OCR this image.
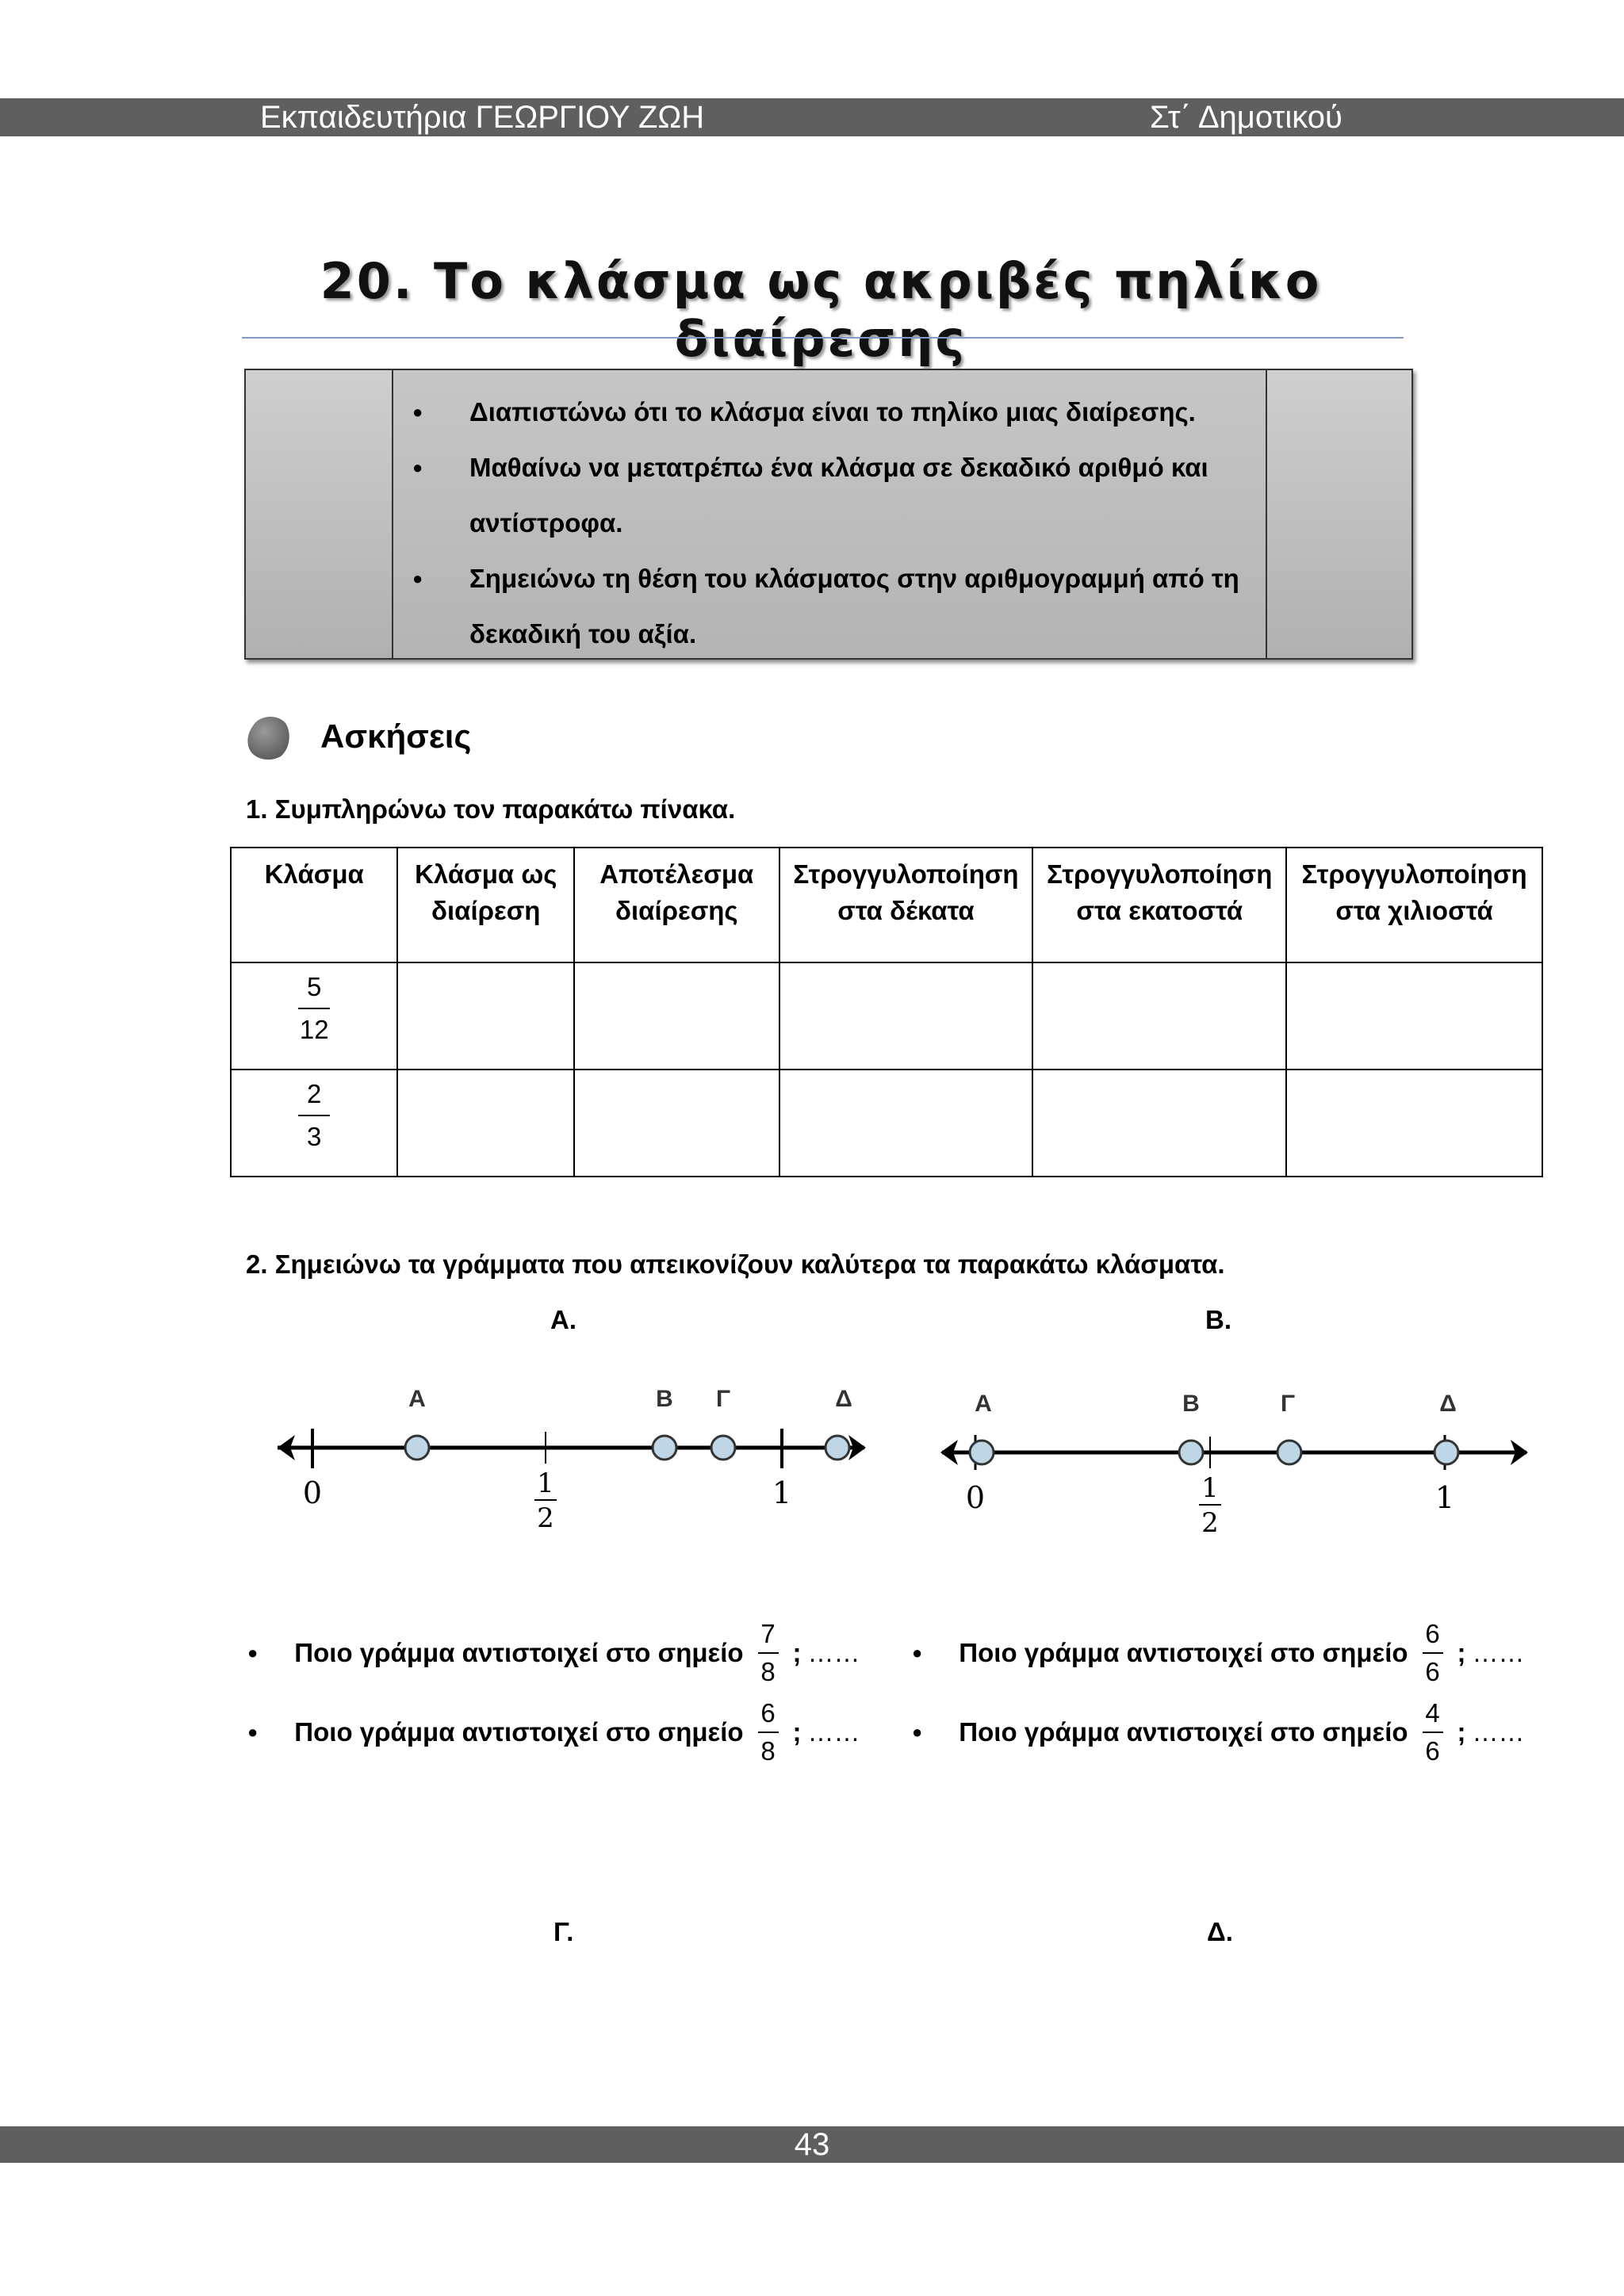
Εκπαιδευτήρια ΓΕΩΡΓΙΟΥ ΖΩΗ	Στ΄ Δημοτικού
20. Το κλάσμα ως ακριβές πηλίκο διαίρεσης
● Διαπιστώνω ότι το κλάσμα είναι το πηλίκο μιας διαίρεσης.
● Μαθαίνω να μετατρέπω ένα κλάσμα σε δεκαδικό αριθμό και αντίστροφα.
● Σημειώνω τη θέση του κλάσματος στην αριθμογραμμή από τη δεκαδική του αξία.
Ασκήσεις
1. Συμπληρώνω τον παρακάτω πίνακα.
Κλάσμα	Κλάσμα ως διαίρεση	Αποτέλεσμα διαίρεσης	Στρογγυλοποίηση στα δέκατα	Στρογγυλοποίηση στα εκατοστά	Στρογγυλοποίηση στα χιλιοστά

$\frac{5}{12}$

$\frac{2}{3}$

2. Σημειώνω τα γράμματα που απεικονίζουν καλύτερα τα παρακάτω κλάσματα.
Α.	Β.
0	1
2
1
Α	Β Γ	Δ
0	1
2
1
Α	Β	Γ	Δ
● Ποιο γράμμα αντιστοιχεί στο σημείο
7
8
; ……
● Ποιο γράμμα αντιστοιχεί στο σημείο
6
8
; ……
● Ποιο γράμμα αντιστοιχεί στο σημείο
6
6
; ……
● Ποιο γράμμα αντιστοιχεί στο σημείο
4
6
; ……
Γ.	Δ.
43
